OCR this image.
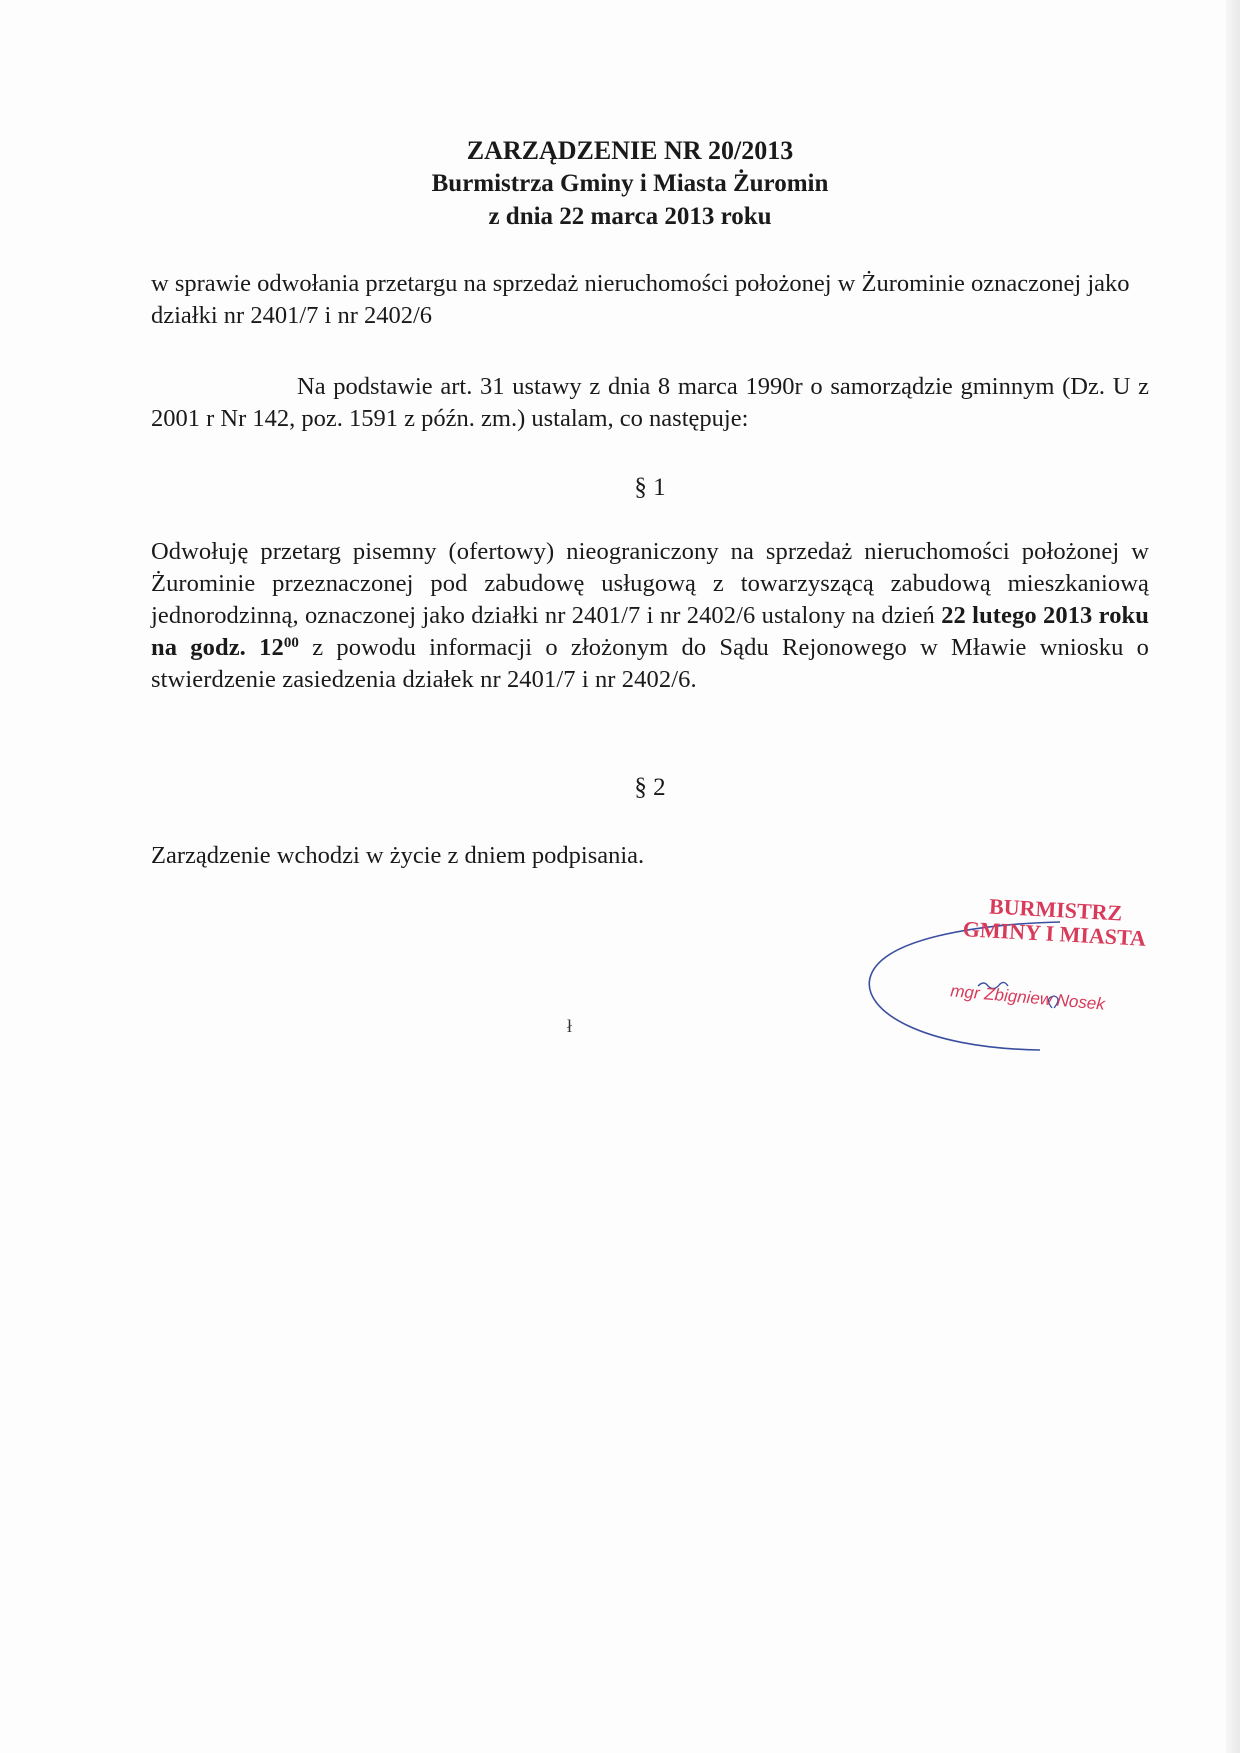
ZARZĄDZENIE NR 20/2013
Burmistrza Gminy i Miasta Żuromin
z dnia 22 marca 2013 roku
w sprawie odwołania przetargu na sprzedaż nieruchomości położonej w Żurominie oznaczonej jako działki nr 2401/7 i nr 2402/6
Na podstawie art. 31 ustawy z dnia 8 marca 1990r o samorządzie gminnym (Dz. U z 2001 r Nr 142, poz. 1591 z późn. zm.) ustalam, co następuje:
§ 1
Odwołuję przetarg pisemny (ofertowy) nieograniczony na sprzedaż nieruchomości położonej w Żurominie przeznaczonej pod zabudowę usługową z towarzyszącą zabudową mieszkaniową jednorodzinną, oznaczonej jako działki nr 2401/7 i nr 2402/6 ustalony na dzień 22 lutego 2013 roku na godz. $12^{00}$ z powodu informacji o złożonym do Sądu Rejonowego w Mławie wniosku o stwierdzenie zasiedzenia działek nr 2401/7 i nr 2402/6.
§ 2
Zarządzenie wchodzi w życie z dniem podpisania.
BURMISTRZ
GMINY I MIASTA
mgr Zbigniew Nosek
ł
